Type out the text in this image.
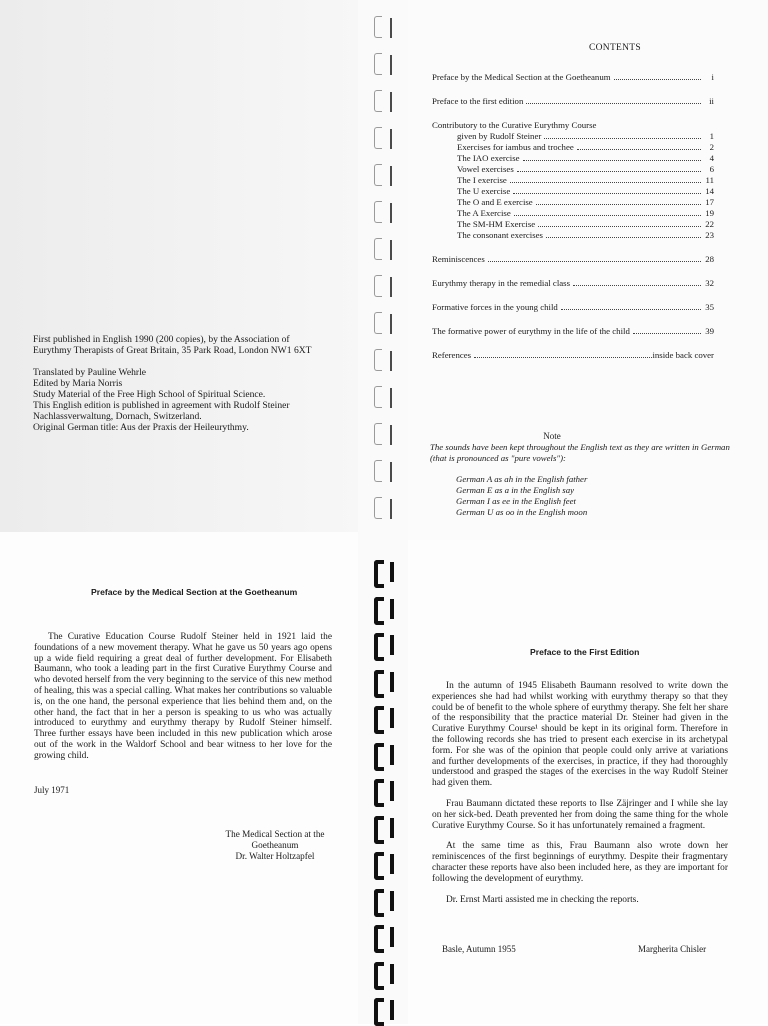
First published in English 1990 (200 copies), by the Association of
Eurythmy Therapists of Great Britain, 35 Park Road, London NW1 6XT

Translated by Pauline Wehrle
Edited by Maria Norris
Study Material of the Free High School of Spiritual Science.
This English edition is published in agreement with Rudolf Steiner
Nachlassverwaltung, Dornach, Switzerland.
Original German title: Aus der Praxis der Heileurythmy.

CONTENTS
Preface by the Medical Section at the Goetheanum	i
Preface to the first edition	ii
Contributory to the Curative Eurythmy Course
given by Rudolf Steiner	1
Exercises for iambus and trochee	2
The IAO exercise	4
Vowel exercises	6
The I exercise	11
The U exercise	14
The O and E exercise	17
The A Exercise	19
The SM-HM Exercise	22
The consonant exercises	23
Reminiscences	28
Eurythmy therapy in the remedial class	32
Formative forces in the young child	35
The formative power of eurythmy in the life of the child	39
References	inside back cover
Note
The sounds have been kept throughout the English text as they are written in German (that is pronounced as "pure vowels"):
German A as ah in the English father
German E as a in the English say
German I as ee in the English feet
German U as oo in the English moon
Preface by the Medical Section at the Goetheanum

The Curative Education Course Rudolf Steiner held in 1921 laid the foundations of a new movement therapy. What he gave us 50 years ago opens up a wide field requiring a great deal of further development. For Elisabeth Baumann, who took a leading part in the first Curative Eurythmy Course and who devoted herself from the very beginning to the service of this new method of healing, this was a special calling. What makes her contributions so valuable is, on the one hand, the personal experience that lies behind them and, on the other hand, the fact that in her a person is speaking to us who was actually introduced to eurythmy and eurythmy therapy by Rudolf Steiner himself. Three further essays have been included in this new publication which arose out of the work in the Waldorf School and bear witness to her love for the growing child.

July 1971
The Medical Section at the
Goetheanum
Dr. Walter Holtzapfel
Preface to the First Edition

In the autumn of 1945 Elisabeth Baumann resolved to write down the experiences she had had whilst working with eurythmy therapy so that they could be of benefit to the whole sphere of eurythmy therapy. She felt her share of the responsibility that the practice material Dr. Steiner had given in the Curative Eurythmy Course¹ should be kept in its original form. Therefore in the following records she has tried to present each exercise in its archetypal form. For she was of the opinion that people could only arrive at variations and further developments of the exercises, in practice, if they had thoroughly understood and grasped the stages of the exercises in the way Rudolf Steiner had given them.

Frau Baumann dictated these reports to Ilse Zäjringer and I while she lay on her sick-bed. Death prevented her from doing the same thing for the whole Curative Eurythmy Course. So it has unfortunately remained a fragment.

At the same time as this, Frau Baumann also wrote down her reminiscences of the first beginnings of eurythmy. Despite their fragmentary character these reports have also been included here, as they are important for following the development of eurythmy.

Dr. Ernst Marti assisted me in checking the reports.

Basle, Autumn 1955	Margherita Chisler
